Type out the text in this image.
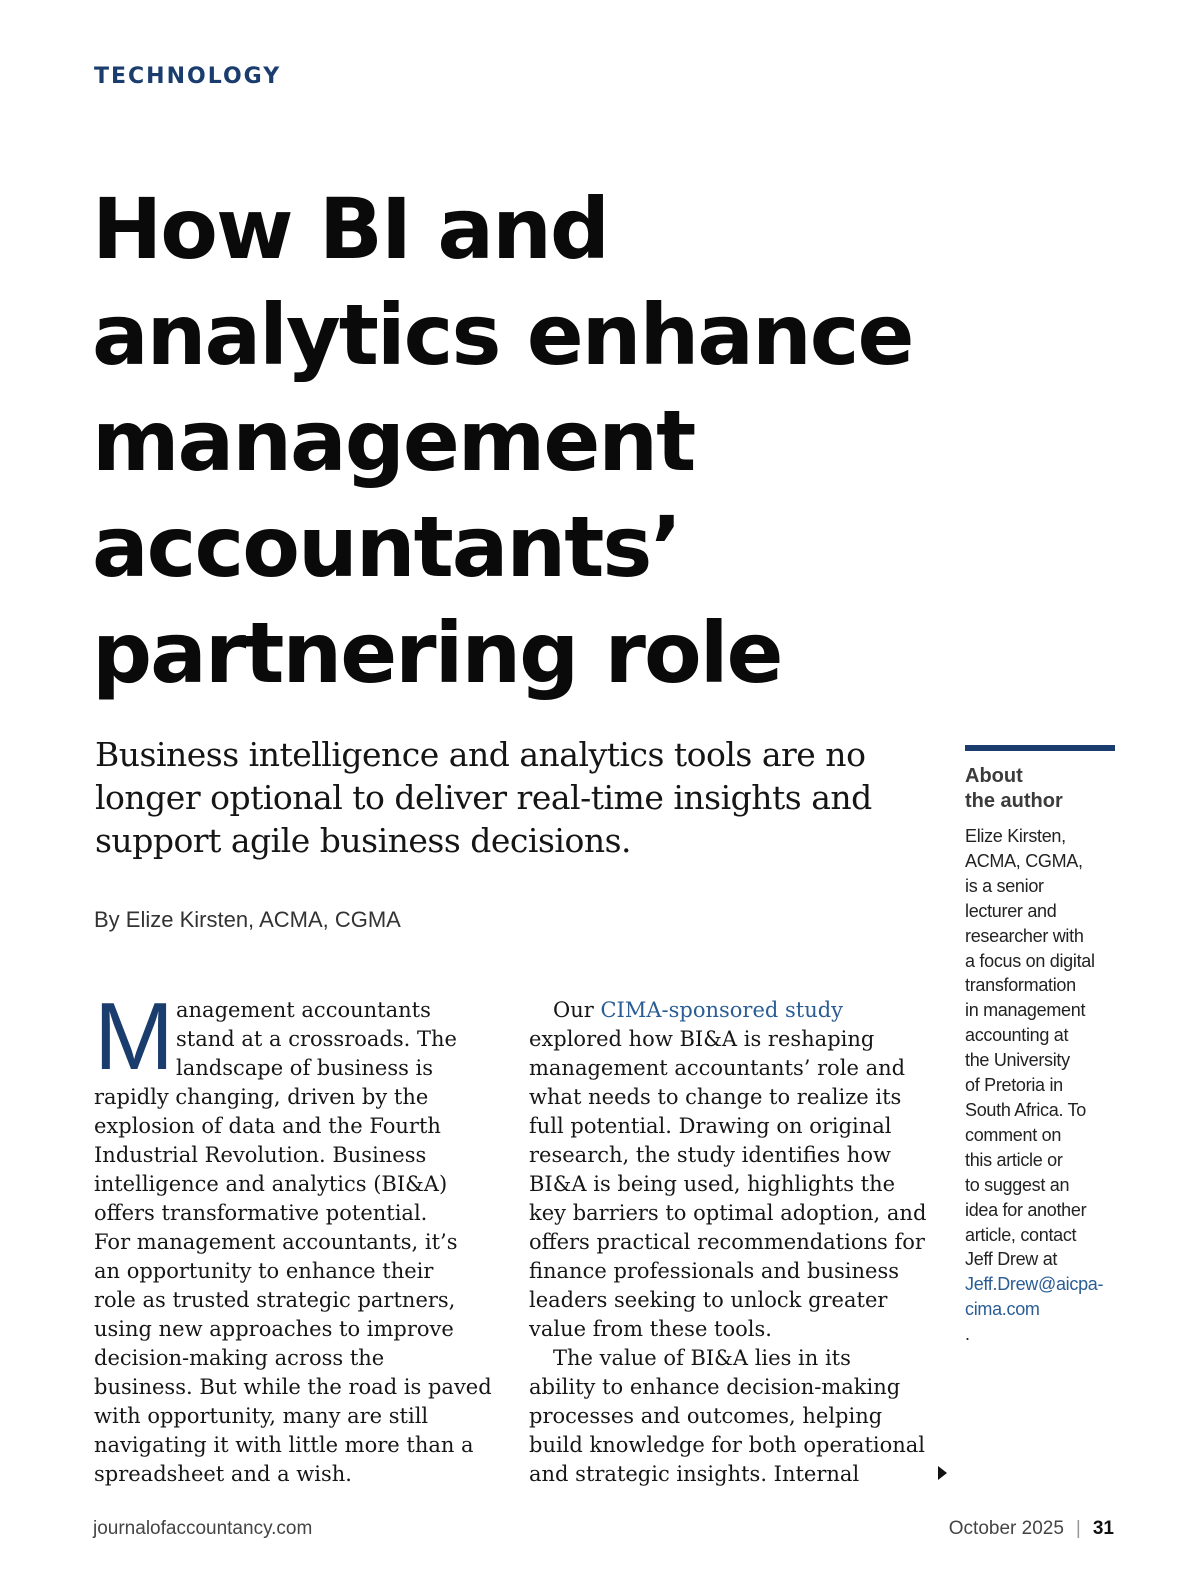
TECHNOLOGY
How BI and
analytics enhance
management
accountants’
partnering role

Business intelligence and analytics tools are no
longer optional to deliver real-time insights and
support agile business decisions.

By Elize Kirsten, ACMA, CGMA
M anagement accountants
stand at a crossroads. The
landscape of business is
rapidly changing, driven by the
explosion of data and the Fourth
Industrial Revolution. Business
intelligence and analytics (BI&A)
offers transformative potential.
For management accountants, it’s
an opportunity to enhance their
role as trusted strategic partners,
using new approaches to improve
decision-making across the
business. But while the road is paved
with opportunity, many are still
navigating it with little more than a
spreadsheet and a wish.
Our CIMA-sponsored study
explored how BI&A is reshaping
management accountants’ role and
what needs to change to realize its
full potential. Drawing on original
research, the study identifies how
BI&A is being used, highlights the
key barriers to optimal adoption, and
offers practical recommendations for
finance professionals and business
leaders seeking to unlock greater
value from these tools.
The value of BI&A lies in its
ability to enhance decision-making
processes and outcomes, helping
build knowledge for both operational
and strategic insights. Internal
About
the author
Elize Kirsten,
ACMA, CGMA,
is a senior
lecturer and
researcher with
a focus on digital
transformation
in management
accounting at
the University
of Pretoria in
South Africa. To
comment on
this article or
to suggest an
idea for another
article, contact
Jeff Drew at
Jeff.Drew@aicpa-
cima.com
.
journalofaccountancy.com	October 2025 | 31
